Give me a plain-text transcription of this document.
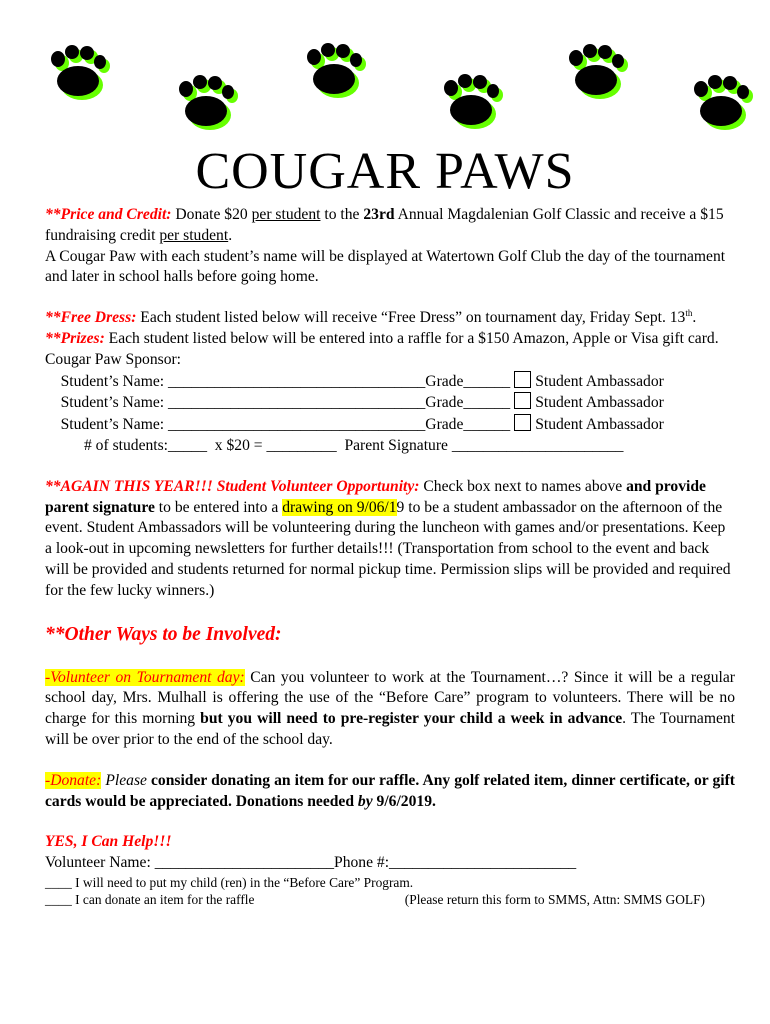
COUGAR PAWS

**Price and Credit: Donate $20 per student to the 23rd Annual Magdalenian Golf Classic and receive a $15 fundraising credit per student.

A Cougar Paw with each student’s name will be displayed at Watertown Golf Club the day of the tournament and later in school halls before going home.

**Free Dress: Each student listed below will receive “Free Dress” on tournament day, Friday Sept. 13th.

**Prizes: Each student listed below will be entered into a raffle for a $150 Amazon, Apple or Visa gift card.

Cougar Paw Sponsor:

Student’s Name: _________________________________Grade______ Student Ambassador

Student’s Name: _________________________________Grade______ Student Ambassador

Student’s Name: _________________________________Grade______ Student Ambassador

# of students:_____  x $20 = _________  Parent Signature ______________________

**AGAIN THIS YEAR!!! Student Volunteer Opportunity: Check box next to names above and provide parent signature to be entered into a drawing on 9/06/19 to be a student ambassador on the afternoon of the event. Student Ambassadors will be volunteering during the luncheon with games and/or presentations. Keep a look-out in upcoming newsletters for further details!!! (Transportation from school to the event and back will be provided and students returned for normal pickup time. Permission slips will be provided and required for the few lucky winners.)

**Other Ways to be Involved:

-Volunteer on Tournament day: Can you volunteer to work at the Tournament…? Since it will be a regular school day, Mrs. Mulhall is offering the use of the “Before Care” program to volunteers. There will be no charge for this morning but you will need to pre-register your child a week in advance. The Tournament will be over prior to the end of the school day.

-Donate: Please consider donating an item for our raffle. Any golf related item, dinner certificate, or gift cards would be appreciated. Donations needed by 9/6/2019.

YES, I Can Help!!!

Volunteer Name: _______________________Phone #:________________________

____ I will need to put my child (ren) in the “Before Care” Program.

____ I can donate an item for the raffle	(Please return this form to SMMS, Attn: SMMS GOLF)
